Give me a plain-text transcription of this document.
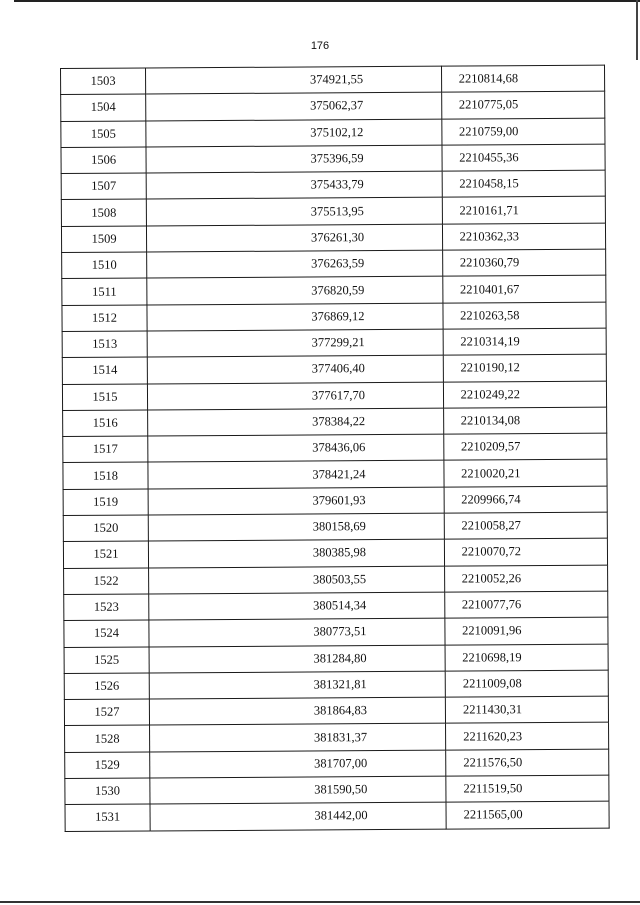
176
1503	374921,55	2210814,68
1504	375062,37	2210775,05
1505	375102,12	2210759,00
1506	375396,59	2210455,36
1507	375433,79	2210458,15
1508	375513,95	2210161,71
1509	376261,30	2210362,33
1510	376263,59	2210360,79
1511	376820,59	2210401,67
1512	376869,12	2210263,58
1513	377299,21	2210314,19
1514	377406,40	2210190,12
1515	377617,70	2210249,22
1516	378384,22	2210134,08
1517	378436,06	2210209,57
1518	378421,24	2210020,21
1519	379601,93	2209966,74
1520	380158,69	2210058,27
1521	380385,98	2210070,72
1522	380503,55	2210052,26
1523	380514,34	2210077,76
1524	380773,51	2210091,96
1525	381284,80	2210698,19
1526	381321,81	2211009,08
1527	381864,83	2211430,31
1528	381831,37	2211620,23
1529	381707,00	2211576,50
1530	381590,50	2211519,50
1531	381442,00	2211565,00
